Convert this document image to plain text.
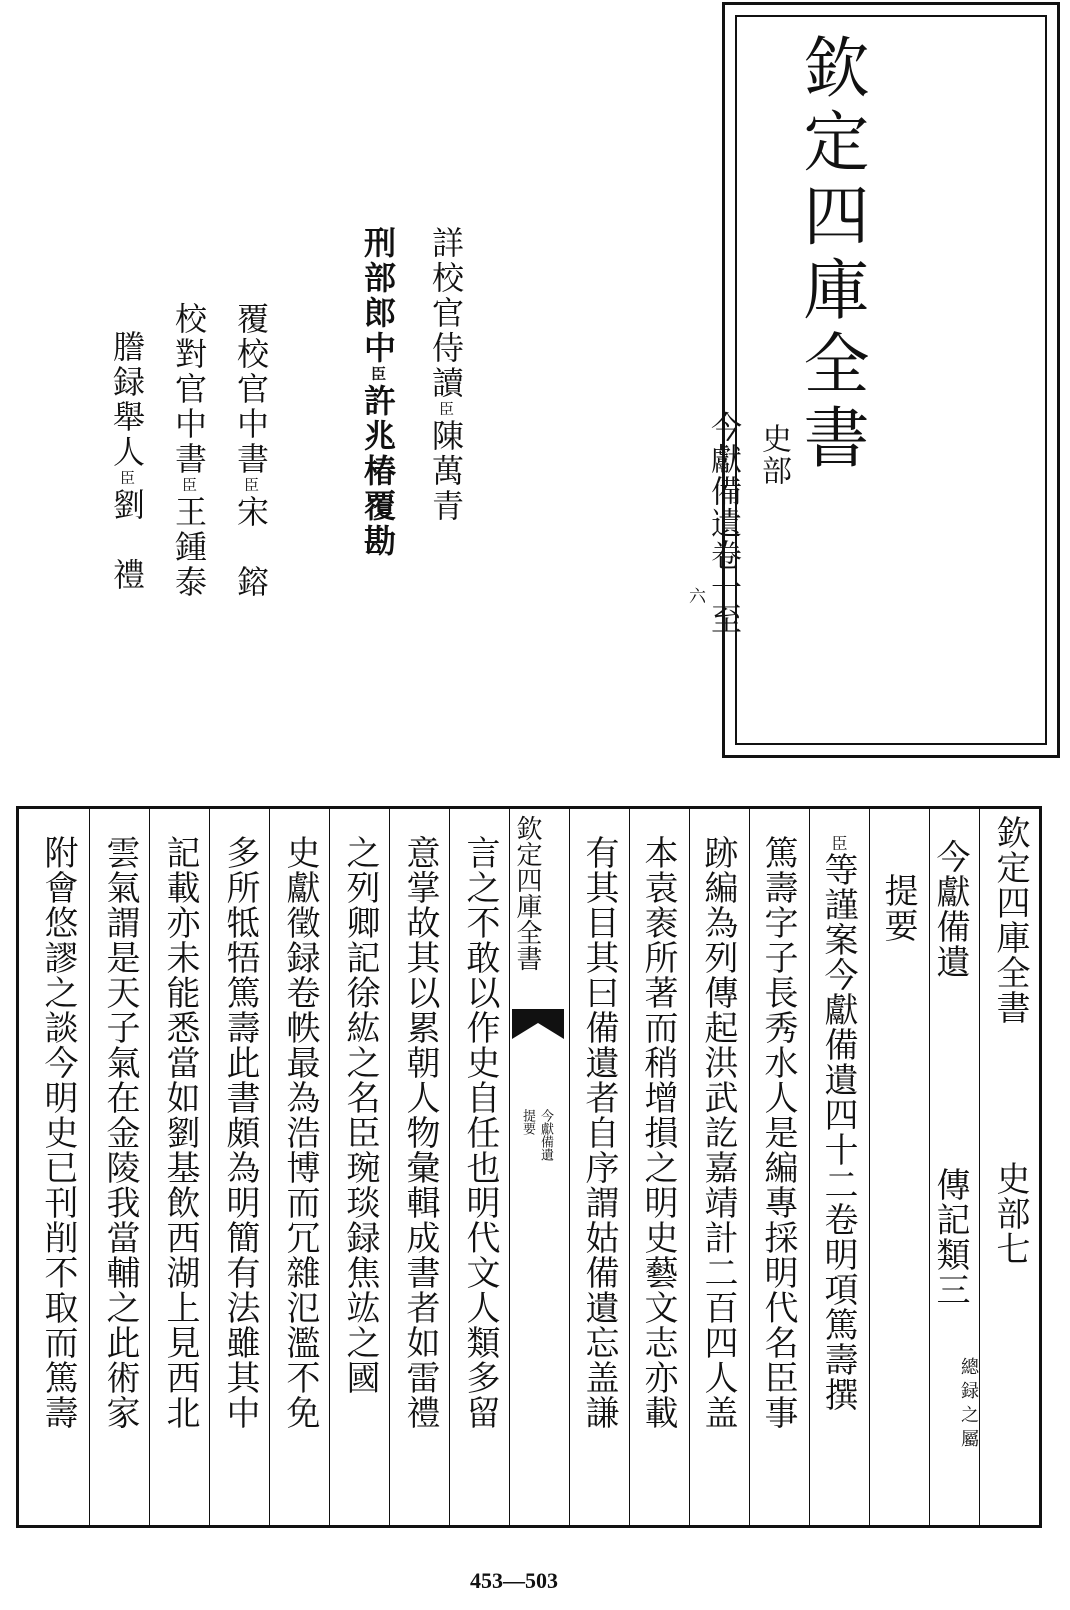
欽定四庫全書
史部
今獻備遺卷一至
六
詳校官侍讀臣陳萬青
刑部郎中臣許兆椿覆勘
覆校官中書臣宋　鎔
校對官中書臣王鍾泰
謄録舉人臣劉　禮
欽定四庫全書
史部七
今獻備遺
傳記類三
總録之屬
提要
臣等謹案今獻備遺四十二卷明項篤壽撰
篤壽字子長秀水人是編專採明代名臣事
跡編為列傳起洪武訖嘉靖計二百四人盖
本袁袠所著而稍增損之明史藝文志亦載
有其目其曰備遺者自序謂姑備遺忘盖謙
欽定四庫全書
今獻備遺
提要
言之不敢以作史自任也明代文人類多留
意掌故其以累朝人物彙輯成書者如雷禮
之列卿記徐紘之名臣琬琰録焦竑之國
史獻徵録卷帙最為浩博而冗雜氾濫不免
多所牴牾篤壽此書頗為明簡有法雖其中
記載亦未能悉當如劉基飲西湖上見西北
雲氣謂是天子氣在金陵我當輔之此術家
附會悠謬之談今明史已刊削不取而篤壽
453—503
